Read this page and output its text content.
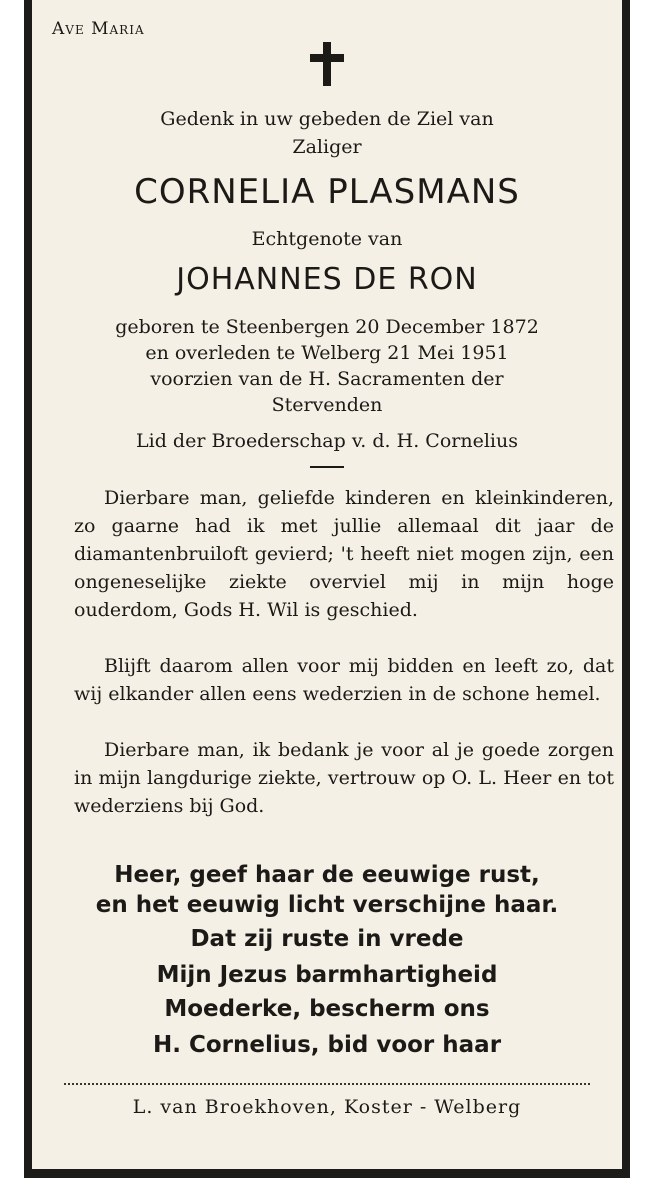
Ave Maria
Gedenk in uw gebeden de Ziel van
Zaliger
CORNELIA PLASMANS
Echtgenote van
JOHANNES DE RON
geboren te Steenbergen 20 December 1872
en overleden te Welberg 21 Mei 1951
voorzien van de H. Sacramenten der
Stervenden
Lid der Broederschap v. d. H. Cornelius
Dierbare man, geliefde kinderen en kleinkinderen, zo gaarne had ik met jullie allemaal dit jaar de diamantenbruiloft gevierd; 't heeft niet mogen zijn, een ongeneselijke ziekte overviel mij in mijn hoge ouderdom, Gods H. Wil is geschied.
Blijft daarom allen voor mij bidden en leeft zo, dat wij elkander allen eens wederzien in de schone hemel.
Dierbare man, ik bedank je voor al je goede zorgen in mijn langdurige ziekte, vertrouw op O. L. Heer en tot wederziens bij God.
Heer, geef haar de eeuwige rust,
en het eeuwig licht verschijne haar.
Dat zij ruste in vrede
Mijn Jezus barmhartigheid
Moederke, bescherm ons
H. Cornelius, bid voor haar
L. van Broekhoven, Koster - Welberg
